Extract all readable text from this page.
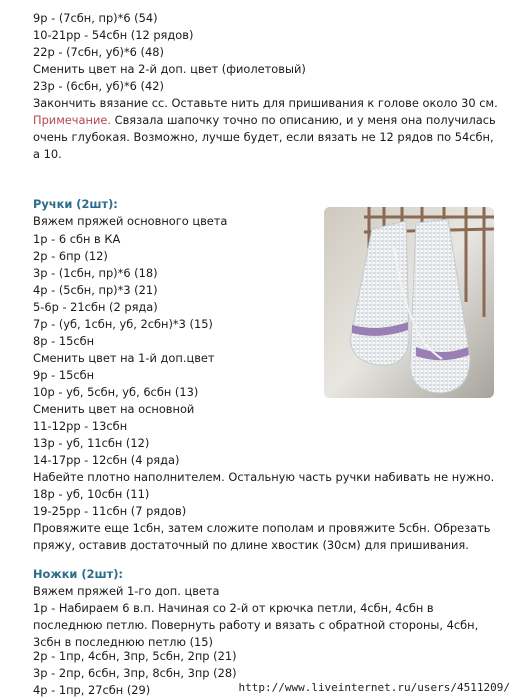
9р - (7сбн, пр)*6 (54)
10-21рр - 54сбн (12 рядов)
22р - (7сбн, уб)*6 (48)
Сменить цвет на 2-й доп. цвет (фиолетовый)
23р - (6сбн, уб)*6 (42)
Закончить вязание сс. Оставьте нить для пришивания к голове около 30 см.
Примечание. Связала шапочку точно по описанию, и у меня она получилась очень глубокая. Возможно, лучше будет, если вязать не 12 рядов по 54сбн, а 10.
Ручки (2шт):
Вяжем пряжей основного цвета
1р - 6 сбн в КА
2р - 6пр (12)
3р - (1сбн, пр)*6 (18)
4р - (5сбн, пр)*3 (21)
5-6р - 21сбн (2 ряда)
7р - (уб, 1сбн, уб, 2сбн)*3 (15)
8р - 15сбн
Сменить цвет на 1-й доп.цвет
9р - 15сбн
10р - уб, 5сбн, уб, 6сбн (13)
Сменить цвет на основной
11-12рр - 13сбн
13р - уб, 11сбн (12)
14-17рр - 12сбн (4 ряда)
Набейте плотно наполнителем. Остальную часть ручки набивать не нужно.
18р - уб, 10сбн (11)
19-25рр - 11сбн (7 рядов)
Провяжите еще 1сбн, затем сложите пополам и провяжите 5сбн. Обрезать пряжу, оставив достаточный по длине хвостик (30см) для пришивания.
Ножки (2шт):
Вяжем пряжей 1-го доп. цвета
1р - Набираем 6 в.п. Начиная со 2-й от крючка петли, 4сбн, 4сбн в последнюю петлю. Повернуть работу и вязать с обратной стороны, 4сбн, 3сбн в последнюю петлю (15)
2р - 1пр, 4сбн, 3пр, 5сбн, 2пр (21)
3р - 2пр, 6сбн, 3пр, 8сбн, 3пр (28)
4р - 1пр, 27сбн (29)	http://www.liveinternet.ru/users/4511209/
